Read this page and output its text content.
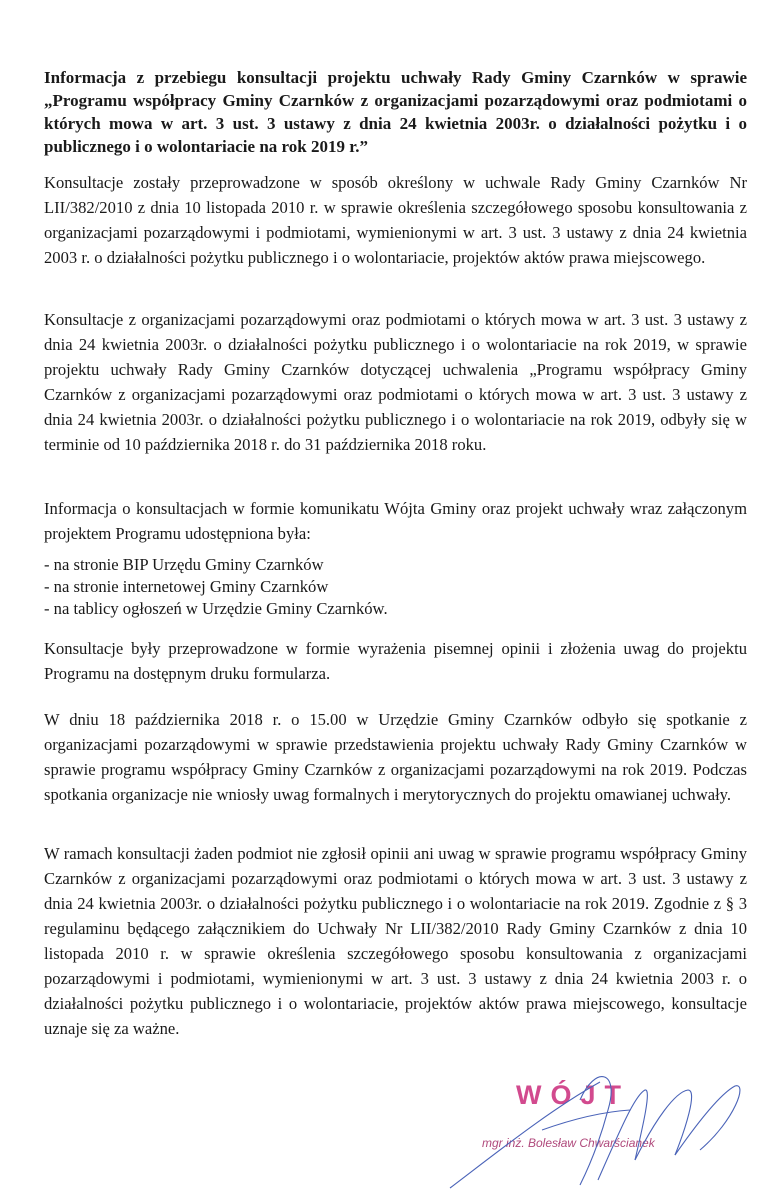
Informacja z przebiegu konsultacji projektu uchwały Rady Gminy Czarnków w sprawie „Programu współpracy Gminy Czarnków z organizacjami pozarządowymi oraz podmiotami o których mowa w art. 3 ust. 3 ustawy z dnia 24 kwietnia 2003r. o działalności pożytku i o publicznego i o wolontariacie na rok 2019 r.”

Konsultacje zostały przeprowadzone w sposób określony w uchwale Rady Gminy Czarnków Nr LII/382/2010 z dnia 10 listopada 2010 r. w sprawie określenia szczegółowego sposobu konsultowania z organizacjami pozarządowymi i podmiotami, wymienionymi w art. 3 ust. 3 ustawy z dnia 24 kwietnia 2003 r. o działalności pożytku publicznego i o wolontariacie, projektów aktów prawa miejscowego.

Konsultacje z organizacjami pozarządowymi oraz podmiotami o których mowa w art. 3 ust. 3 ustawy z dnia 24 kwietnia 2003r. o działalności pożytku publicznego i o wolontariacie na rok 2019, w sprawie projektu uchwały Rady Gminy Czarnków dotyczącej uchwalenia „Programu współpracy Gminy Czarnków z organizacjami pozarządowymi oraz podmiotami o których mowa w art. 3 ust. 3 ustawy z dnia 24 kwietnia 2003r. o działalności pożytku publicznego i o wolontariacie na rok 2019, odbyły się w terminie od 10 października 2018 r. do 31 października 2018 roku.

Informacja o konsultacjach w formie komunikatu Wójta Gminy oraz projekt uchwały wraz załączonym projektem Programu udostępniona była:

- na stronie BIP Urzędu Gminy Czarnków
- na stronie internetowej Gminy Czarnków
- na tablicy ogłoszeń w Urzędzie Gminy Czarnków.

Konsultacje były przeprowadzone w formie wyrażenia pisemnej opinii i złożenia uwag do projektu Programu na dostępnym druku formularza.

W dniu 18 października 2018 r. o 15.00 w Urzędzie Gminy Czarnków odbyło się spotkanie z organizacjami pozarządowymi w sprawie przedstawienia projektu uchwały Rady Gminy Czarnków w sprawie programu współpracy Gminy Czarnków z organizacjami pozarządowymi na rok 2019. Podczas spotkania organizacje nie wniosły uwag formalnych i merytorycznych do projektu omawianej uchwały.

W ramach konsultacji żaden podmiot nie zgłosił opinii ani uwag w sprawie programu współpracy Gminy Czarnków z organizacjami pozarządowymi oraz podmiotami o których mowa w art. 3 ust. 3 ustawy z dnia 24 kwietnia 2003r. o działalności pożytku publicznego i o wolontariacie na rok 2019. Zgodnie z § 3 regulaminu będącego załącznikiem do Uchwały Nr LII/382/2010 Rady Gminy Czarnków z dnia 10 listopada 2010 r. w sprawie określenia szczegółowego sposobu konsultowania z organizacjami pozarządowymi i podmiotami, wymienionymi w art. 3 ust. 3 ustawy z dnia 24 kwietnia 2003 r. o działalności pożytku publicznego i o wolontariacie, projektów aktów prawa miejscowego, konsultacje uznaje się za ważne.

WÓJT

mgr inż. Bolesław Chwarścianek
